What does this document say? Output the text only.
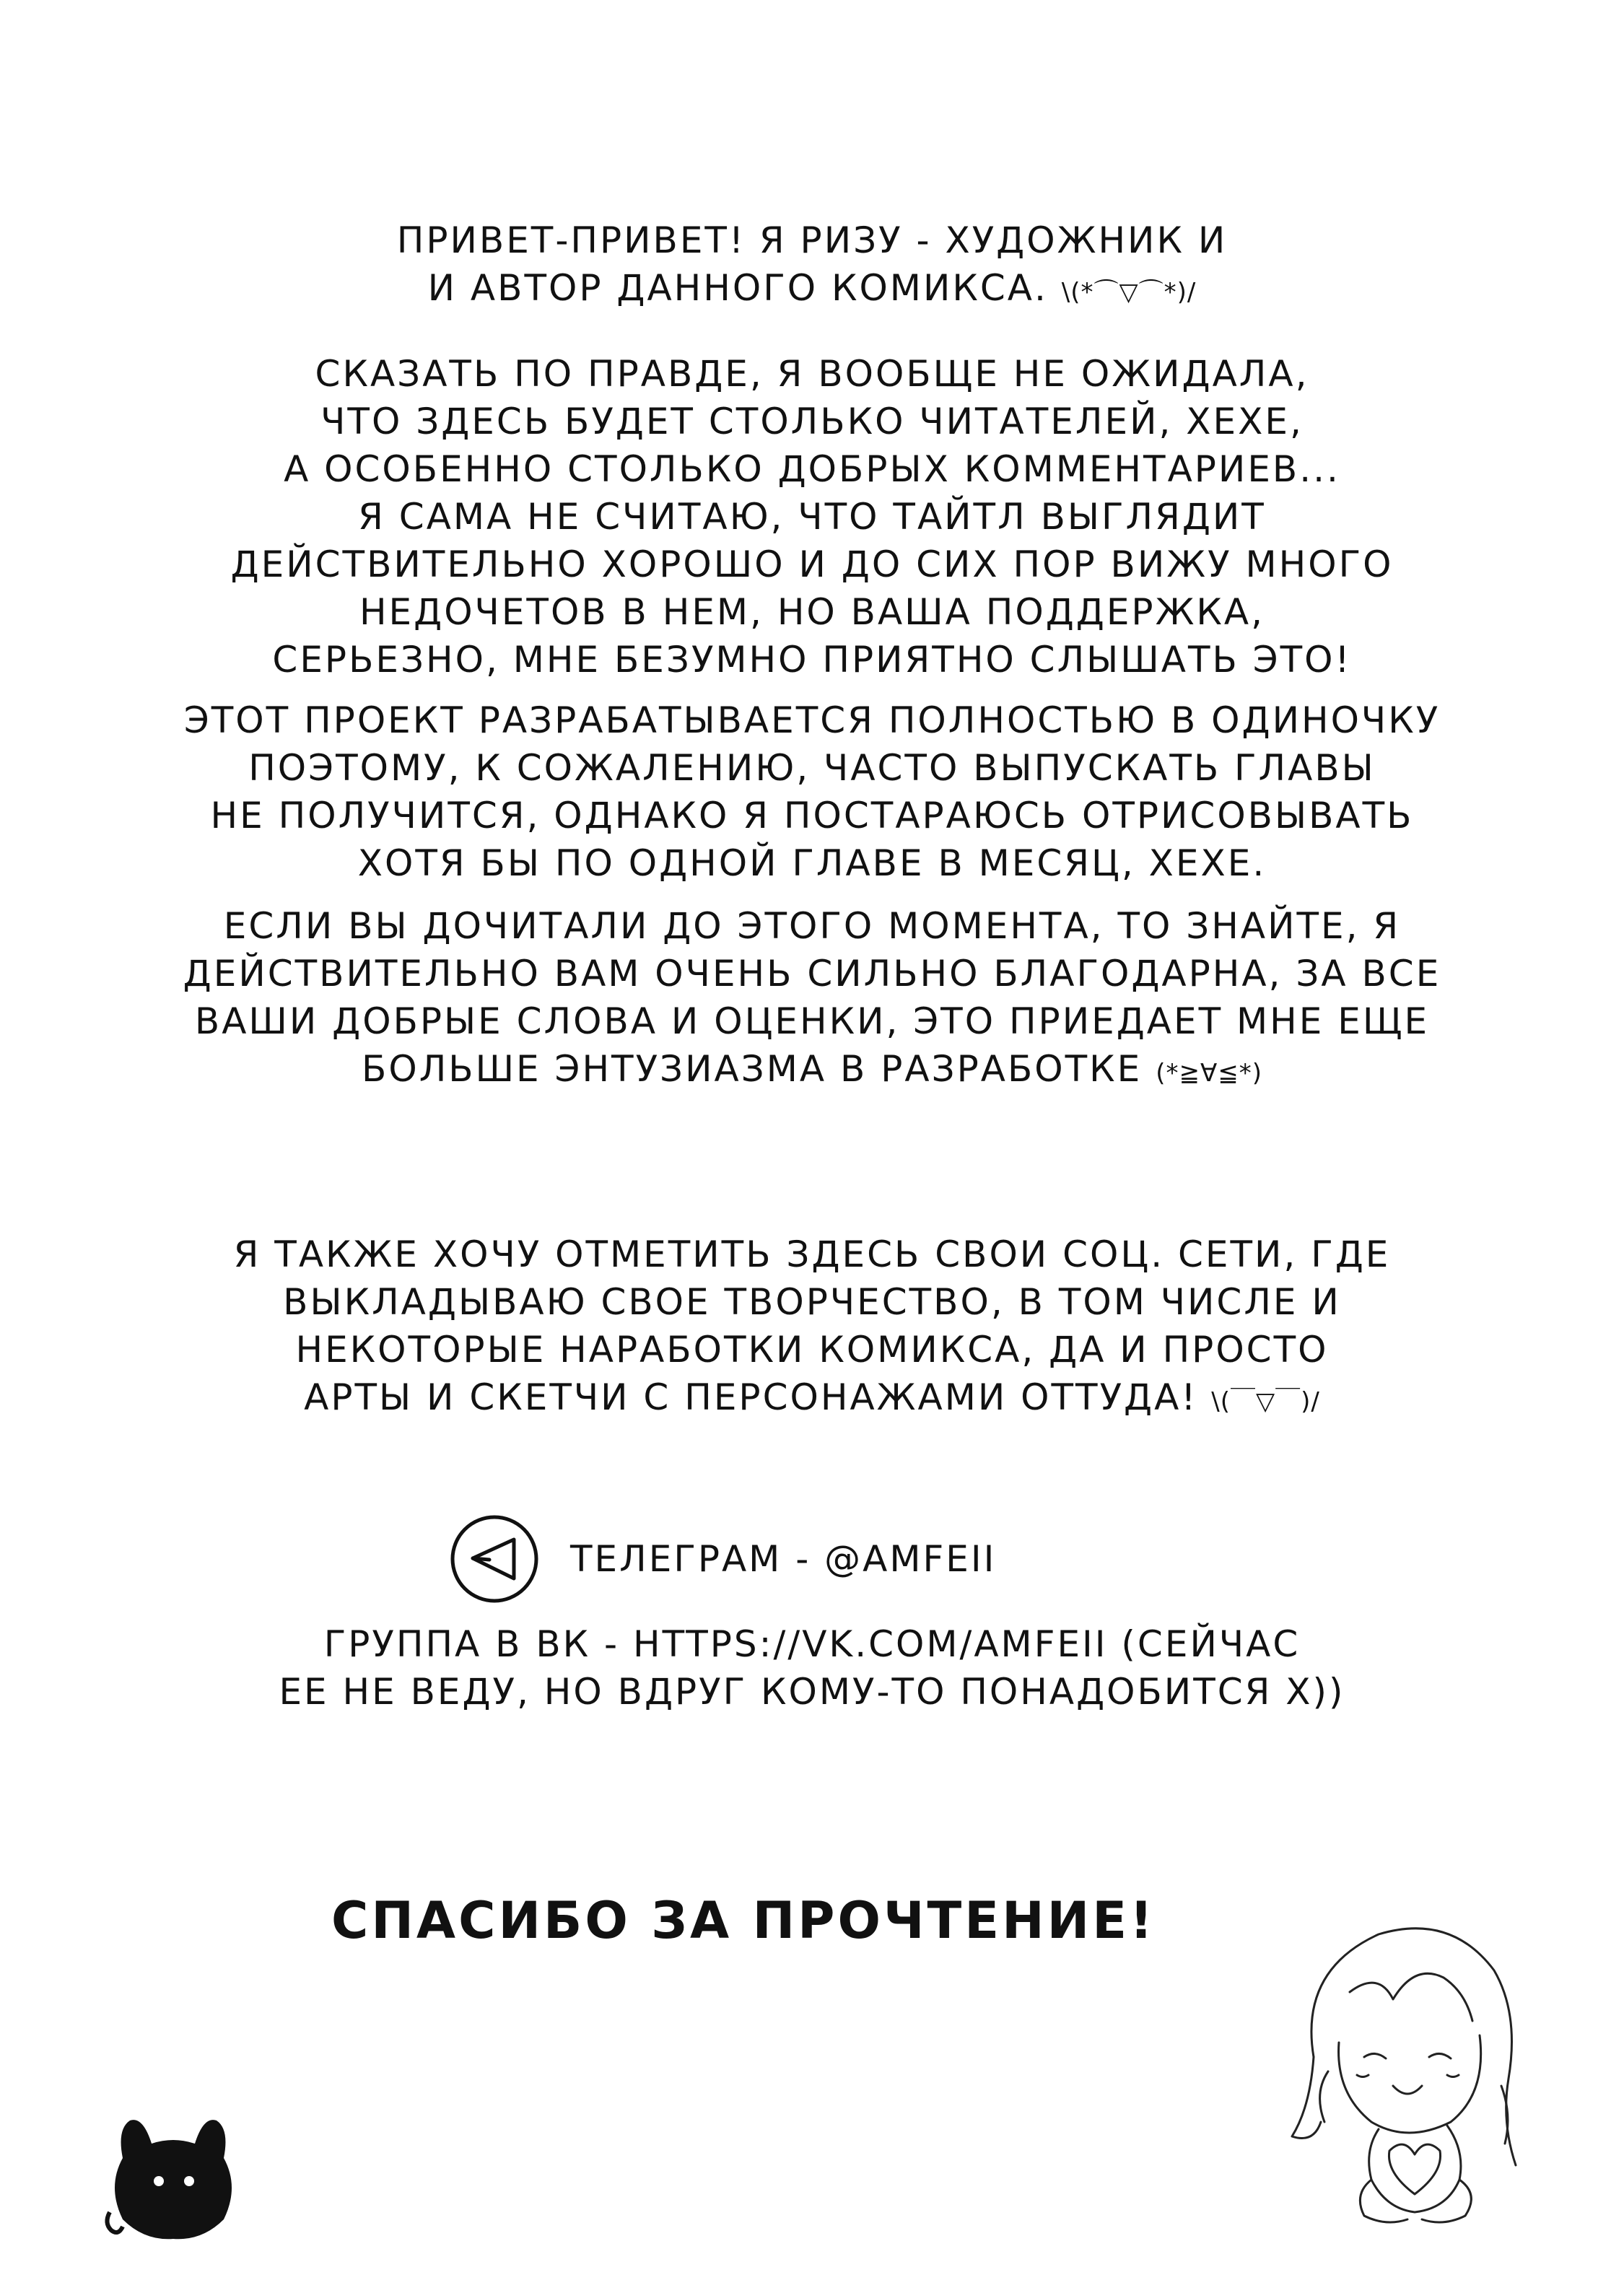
ПРИВЕТ-ПРИВЕТ! Я РИЗУ - ХУДОЖНИК И
И АВТОР ДАННОГО КОМИКСА. \(*⌒▽⌒*)/
СКАЗАТЬ ПО ПРАВДЕ, Я ВООБЩЕ НЕ ОЖИДАЛА,
ЧТО ЗДЕСЬ БУДЕТ СТОЛЬКО ЧИТАТЕЛЕЙ, ХЕХЕ,
А ОСОБЕННО СТОЛЬКО ДОБРЫХ КОММЕНТАРИЕВ...
Я САМА НЕ СЧИТАЮ, ЧТО ТАЙТЛ ВЫГЛЯДИТ
ДЕЙСТВИТЕЛЬНО ХОРОШО И ДО СИХ ПОР ВИЖУ МНОГО
НЕДОЧЕТОВ В НЕМ, НО ВАША ПОДДЕРЖКА,
СЕРЬЕЗНО, МНЕ БЕЗУМНО ПРИЯТНО СЛЫШАТЬ ЭТО!
ЭТОТ ПРОЕКТ РАЗРАБАТЫВАЕТСЯ ПОЛНОСТЬЮ В ОДИНОЧКУ
ПОЭТОМУ, К СОЖАЛЕНИЮ, ЧАСТО ВЫПУСКАТЬ ГЛАВЫ
НЕ ПОЛУЧИТСЯ, ОДНАКО Я ПОСТАРАЮСЬ ОТРИСОВЫВАТЬ
ХОТЯ БЫ ПО ОДНОЙ ГЛАВЕ В МЕСЯЦ, ХЕХЕ.
ЕСЛИ ВЫ ДОЧИТАЛИ ДО ЭТОГО МОМЕНТА, ТО ЗНАЙТЕ, Я
ДЕЙСТВИТЕЛЬНО ВАМ ОЧЕНЬ СИЛЬНО БЛАГОДАРНА, ЗА ВСЕ
ВАШИ ДОБРЫЕ СЛОВА И ОЦЕНКИ, ЭТО ПРИЕДАЕТ МНЕ ЕЩЕ
БОЛЬШЕ ЭНТУЗИАЗМА В РАЗРАБОТКЕ (*≧∀≦*)
Я ТАКЖЕ ХОЧУ ОТМЕТИТЬ ЗДЕСЬ СВОИ СОЦ. СЕТИ, ГДЕ
ВЫКЛАДЫВАЮ СВОЕ ТВОРЧЕСТВО, В ТОМ ЧИСЛЕ И
НЕКОТОРЫЕ НАРАБОТКИ КОМИКСА, ДА И ПРОСТО
АРТЫ И СКЕТЧИ С ПЕРСОНАЖАМИ ОТТУДА! \(￣▽￣)/
ТЕЛЕГРАМ - @AMFEII
ГРУППА В ВК - HTTPS://VK.COM/AMFEII (СЕЙЧАС
ЕЕ НЕ ВЕДУ, НО ВДРУГ КОМУ-ТО ПОНАДОБИТСЯ X))
СПАСИБО ЗА ПРОЧТЕНИЕ!
